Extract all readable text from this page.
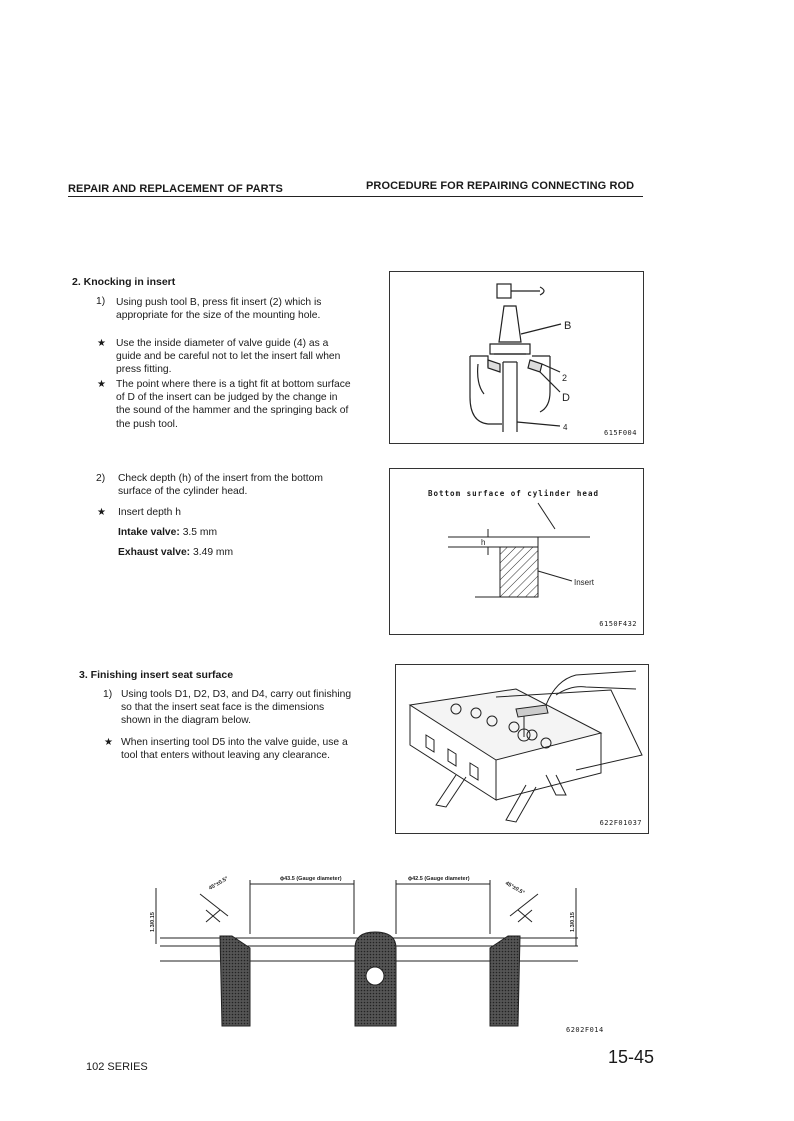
REPAIR AND REPLACEMENT OF PARTS	PROCEDURE FOR REPAIRING CONNECTING ROD
2. Knocking in insert
1) Using push tool B, press fit insert (2) which is appropriate for the size of the mounting hole.
★ Use the inside diameter of valve guide (4) as a guide and be careful not to let the insert fall when press fitting.
★ The point where there is a tight fit at bottom surface of D of the insert can be judged by the change in the sound of the hammer and the springing back of the push tool.
2) Check depth (h) of the insert from the bottom surface of the cylinder head.
★ Insert depth h
Intake valve: 3.5 mm
Exhaust valve: 3.49 mm
B
2
D
4
615F004
Bottom surface of cylinder head
h
Insert
6150F432
3. Finishing insert seat surface
1) Using tools D1, D2, D3, and D4, carry out finishing so that the insert seat face is the dimensions shown in the diagram below.
★ When inserting tool D5 into the valve guide, use a tool that enters without leaving any clearance.
622F01037
ϕ43.5 (Gauge diameter)	ϕ42.5 (Gauge diameter)
45°±0.5°	45°±0.5°
1.3/0.15	1.3/0.15
6202F014
102 SERIES	15-45
